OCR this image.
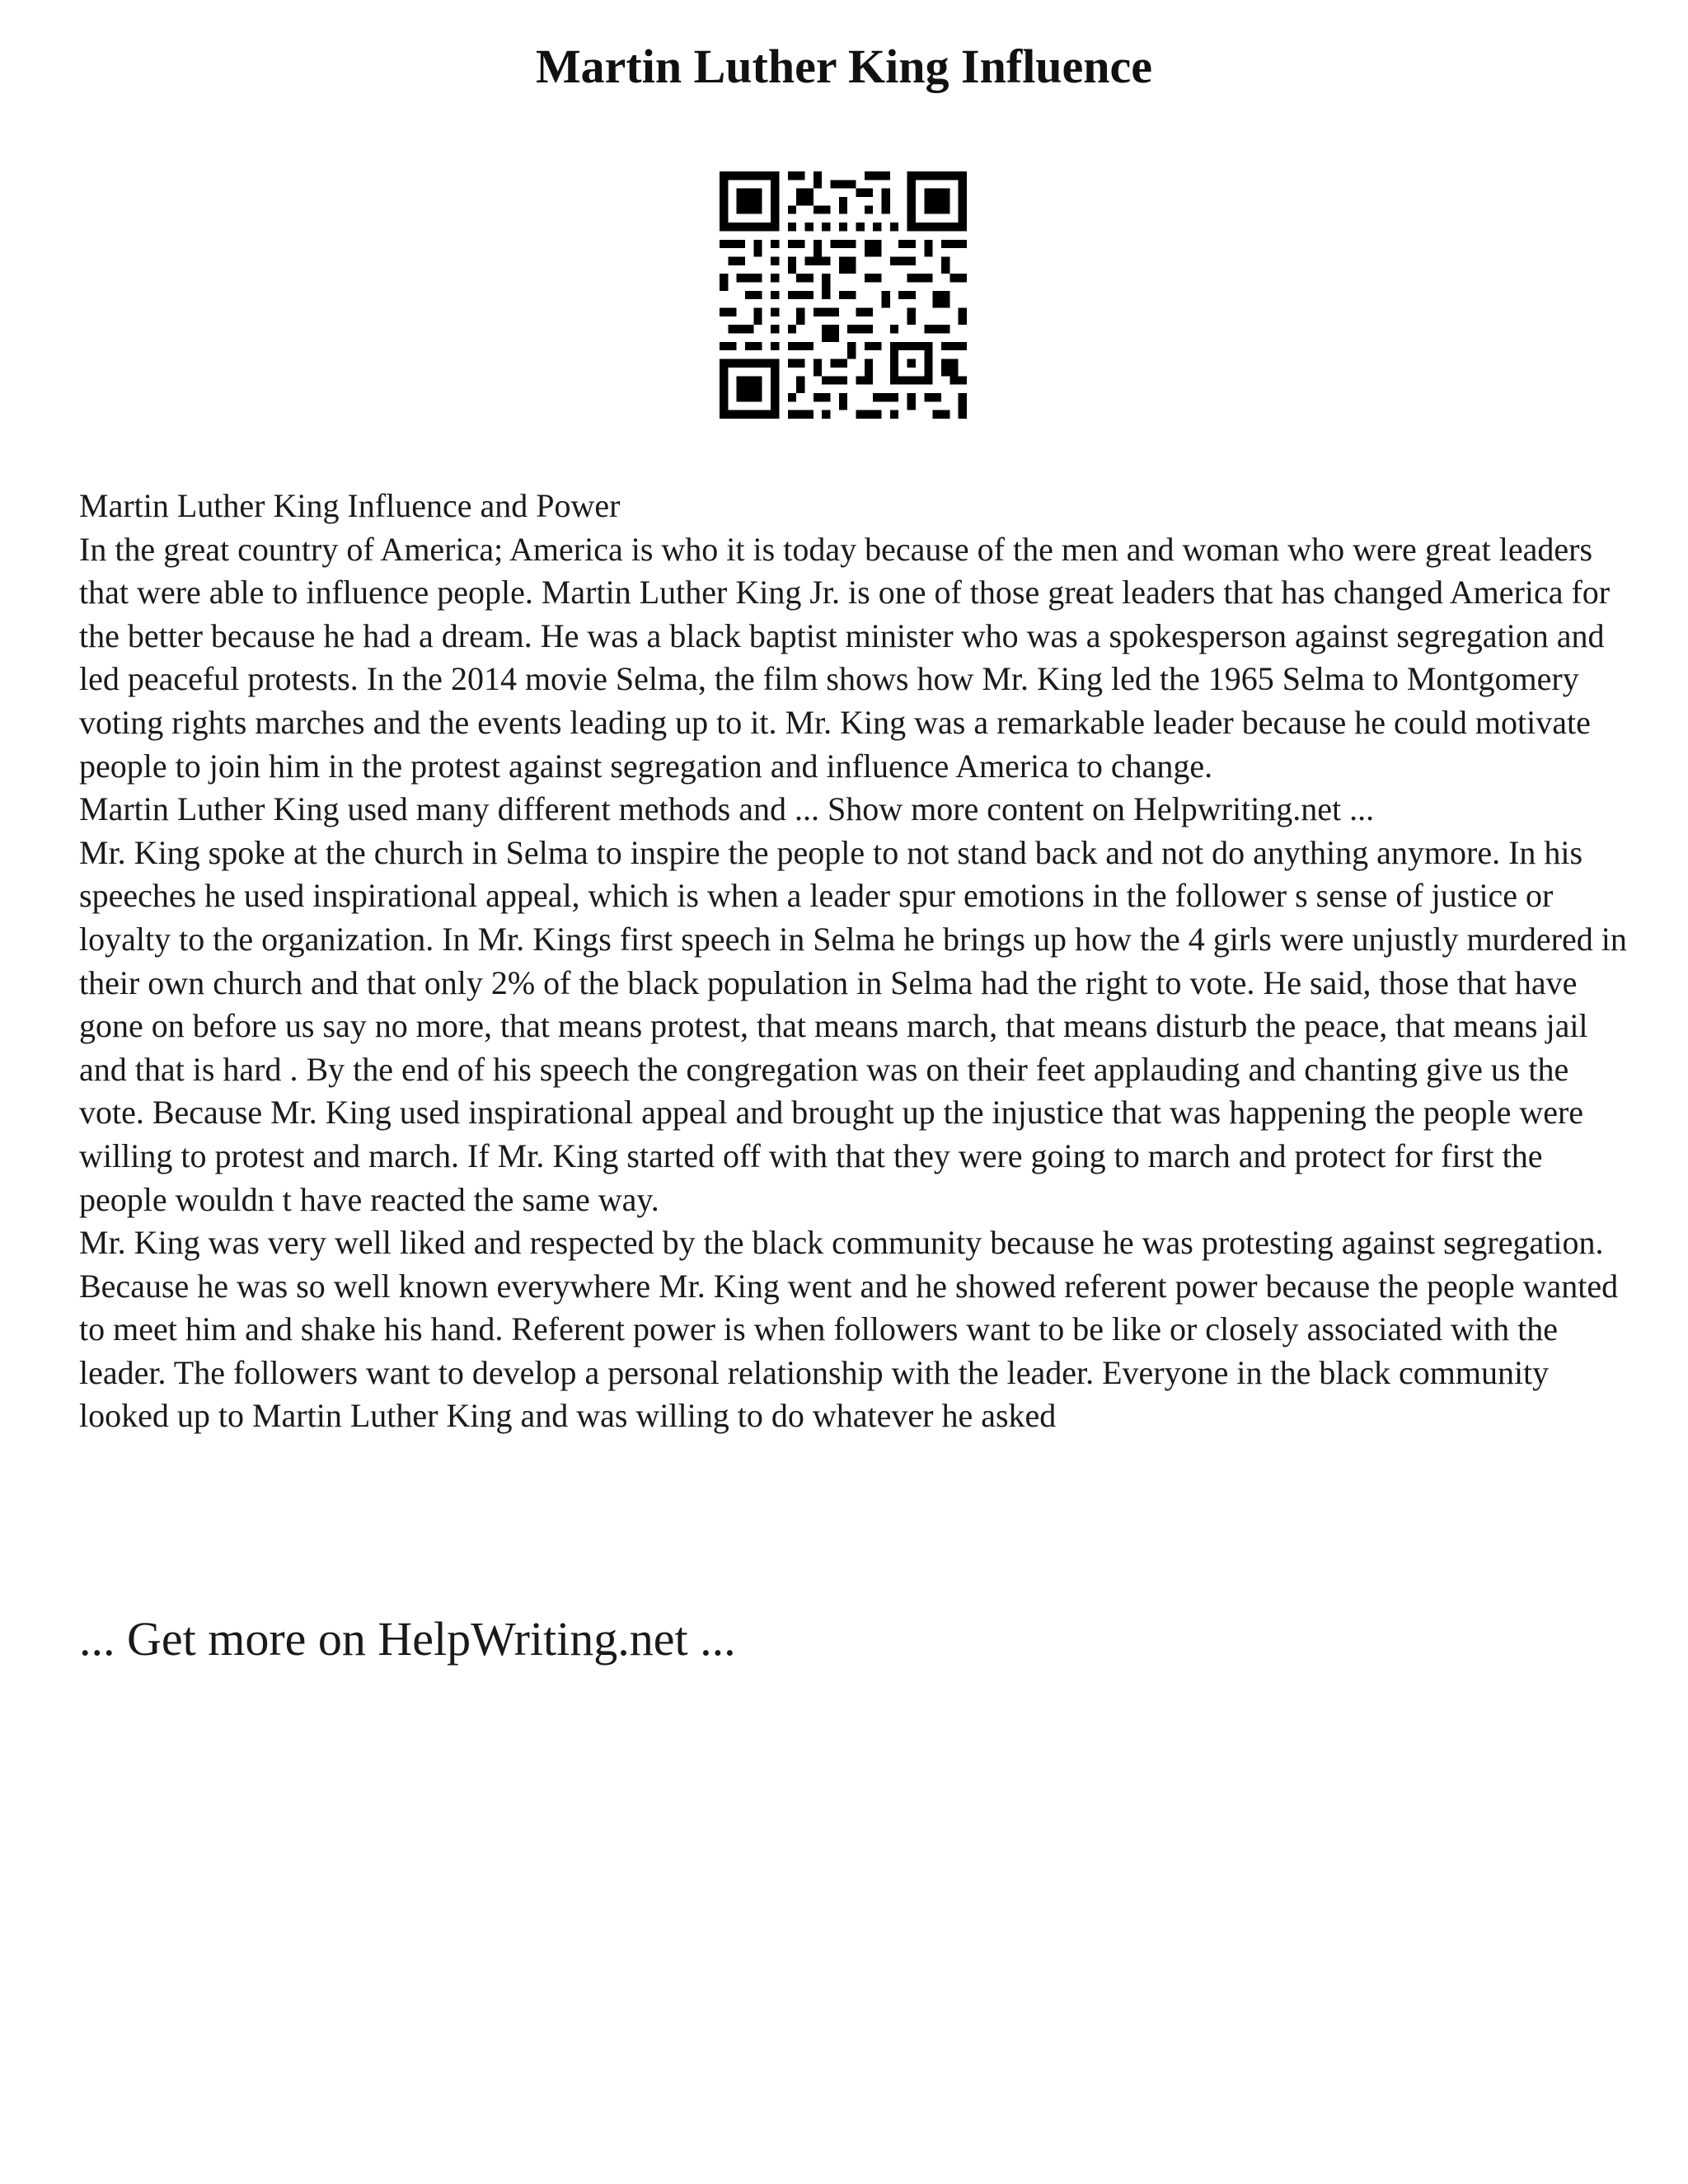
Martin Luther King Influence

Martin Luther King Influence and Power

In the great country of America; America is who it is today because of the men and woman who were great leaders that were able to influence people. Martin Luther King Jr. is one of those great leaders that has changed America for the better because he had a dream. He was a black baptist minister who was a spokesperson against segregation and led peaceful protests. In the 2014 movie Selma, the film shows how Mr. King led the 1965 Selma to Montgomery voting rights marches and the events leading up to it. Mr. King was a remarkable leader because he could motivate people to join him in the protest against segregation and influence America to change.

Martin Luther King used many different methods and ... Show more content on Helpwriting.net ...

Mr. King spoke at the church in Selma to inspire the people to not stand back and not do anything anymore. In his speeches he used inspirational appeal, which is when a leader spur emotions in the follower s sense of justice or loyalty to the organization. In Mr. Kings first speech in Selma he brings up how the 4 girls were unjustly murdered in their own church and that only 2% of the black population in Selma had the right to vote. He said, those that have gone on before us say no more, that means protest, that means march, that means disturb the peace, that means jail and that is hard . By the end of his speech the congregation was on their feet applauding and chanting give us the vote. Because Mr. King used inspirational appeal and brought up the injustice that was happening the people were willing to protest and march. If Mr. King started off with that they were going to march and protect for first the people wouldn t have reacted the same way.

Mr. King was very well liked and respected by the black community because he was protesting against segregation. Because he was so well known everywhere Mr. King went and he showed referent power because the people wanted to meet him and shake his hand. Referent power is when followers want to be like or closely associated with the leader. The followers want to develop a personal relationship with the leader. Everyone in the black community looked up to Martin Luther King and was willing to do whatever he asked

... Get more on HelpWriting.net ...
